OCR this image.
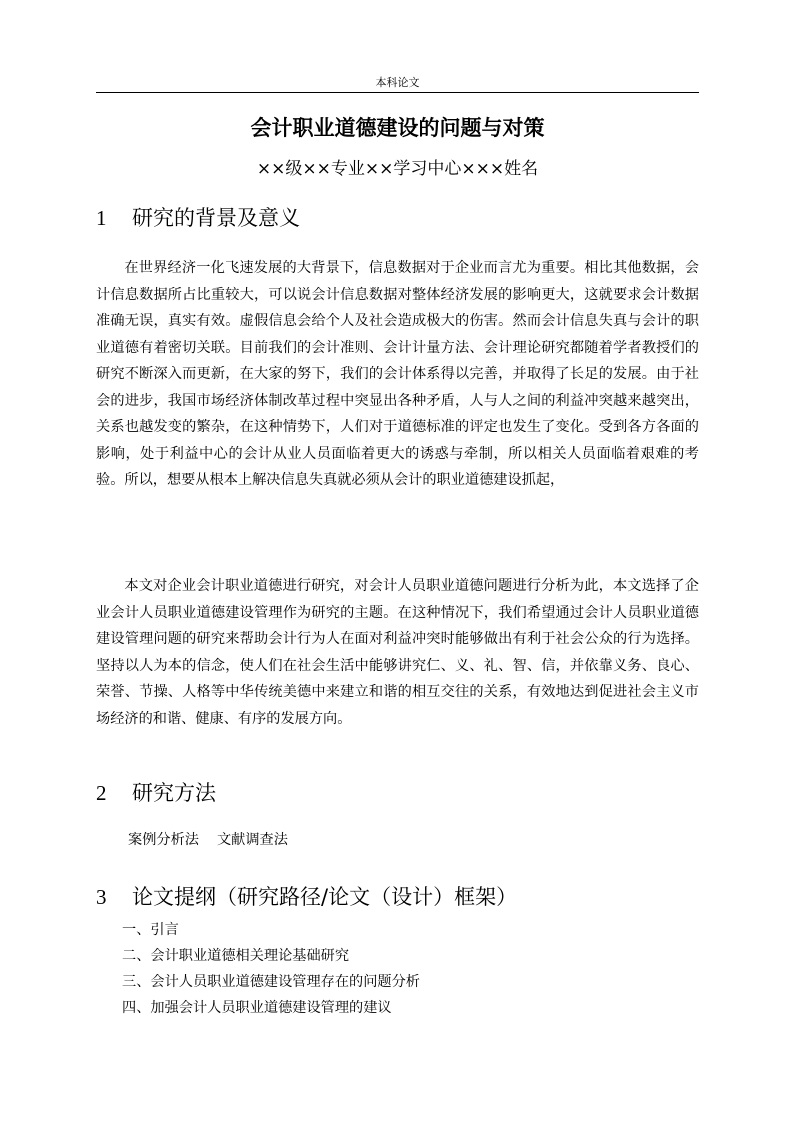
本科论文
会计职业道德建设的问题与对策
××级××专业××学习中心×××姓名
1 研究的背景及意义

在世界经济一化飞速发展的大背景下，信息数据对于企业而言尤为重要。相比其他数据，会计信息数据所占比重较大，可以说会计信息数据对整体经济发展的影响更大，这就要求会计数据准确无误，真实有效。虚假信息会给个人及社会造成极大的伤害。然而会计信息失真与会计的职业道德有着密切关联。目前我们的会计准则、会计计量方法、会计理论研究都随着学者教授们的研究不断深入而更新，在大家的努下，我们的会计体系得以完善，并取得了长足的发展。由于社会的进步，我国市场经济体制改革过程中突显出各种矛盾，人与人之间的利益冲突越来越突出，关系也越发变的繁杂，在这种情势下，人们对于道德标准的评定也发生了变化。受到各方各面的影响，处于利益中心的会计从业人员面临着更大的诱惑与牵制，所以相关人员面临着艰难的考验。所以，想要从根本上解决信息失真就必须从会计的职业道德建设抓起，

本文对企业会计职业道德进行研究，对会计人员职业道德问题进行分析为此，本文选择了企业会计人员职业道德建设管理作为研究的主题。在这种情况下，我们希望通过会计人员职业道德建设管理问题的研究来帮助会计行为人在面对利益冲突时能够做出有利于社会公众的行为选择。坚持以人为本的信念，使人们在社会生活中能够讲究仁、义、礼、智、信，并依靠义务、良心、荣誉、节操、人格等中华传统美德中来建立和谐的相互交往的关系，有效地达到促进社会主义市场经济的和谐、健康、有序的发展方向。

2 研究方法
案例分析法    文献调查法
3 论文提纲（研究路径/论文（设计）框架）
一、引言
二、会计职业道德相关理论基础研究
三、会计人员职业道德建设管理存在的问题分析
四、加强会计人员职业道德建设管理的建议
